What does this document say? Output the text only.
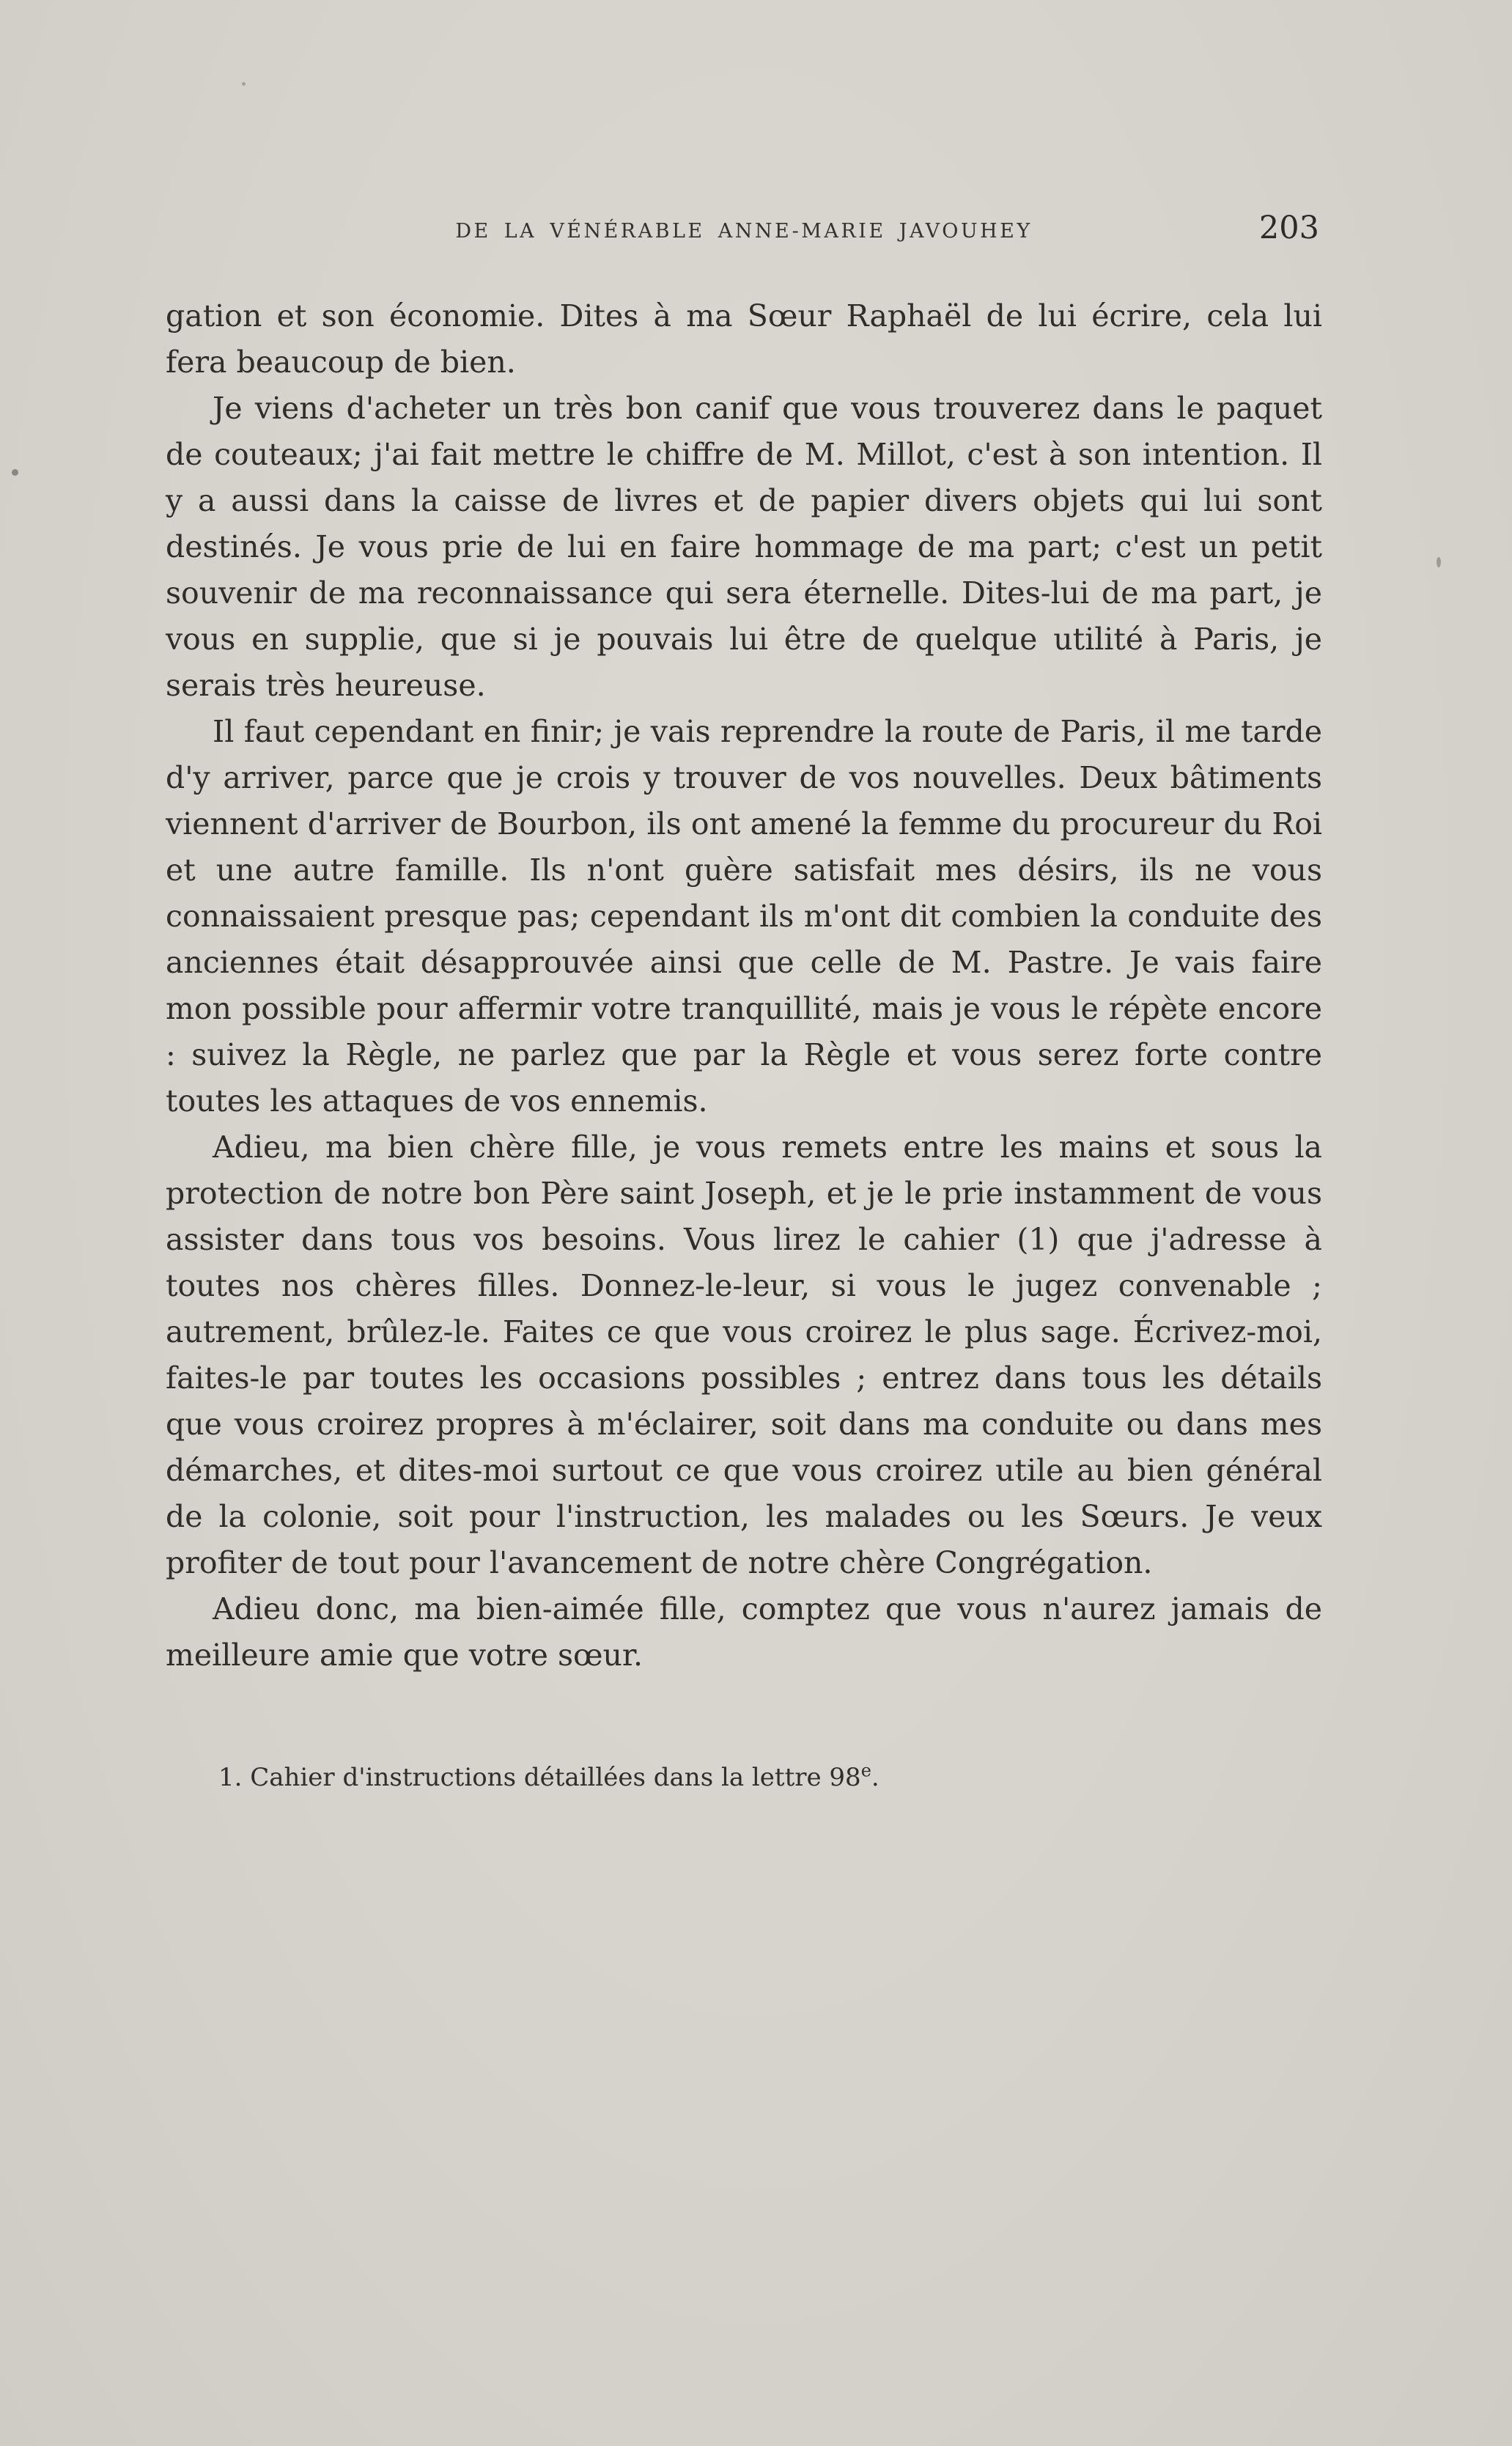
DE LA VÉNÉRABLE ANNE-MARIE JAVOUHEY	203

gation et son économie. Dites à ma Sœur Raphaël de lui écrire, cela lui fera beaucoup de bien.

Je viens d'acheter un très bon canif que vous trouverez dans le paquet de couteaux; j'ai fait mettre le chiffre de M. Millot, c'est à son intention. Il y a aussi dans la caisse de livres et de papier divers objets qui lui sont destinés. Je vous prie de lui en faire hommage de ma part; c'est un petit souvenir de ma reconnaissance qui sera éternelle. Dites-lui de ma part, je vous en supplie, que si je pouvais lui être de quelque utilité à Paris, je serais très heureuse.

Il faut cependant en finir; je vais reprendre la route de Paris, il me tarde d'y arriver, parce que je crois y trouver de vos nouvelles. Deux bâtiments viennent d'arriver de Bourbon, ils ont amené la femme du procureur du Roi et une autre famille. Ils n'ont guère satisfait mes désirs, ils ne vous connaissaient presque pas; cependant ils m'ont dit combien la conduite des anciennes était désapprouvée ainsi que celle de M. Pastre. Je vais faire mon possible pour affermir votre tranquillité, mais je vous le répète encore : suivez la Règle, ne parlez que par la Règle et vous serez forte contre toutes les attaques de vos ennemis.

Adieu, ma bien chère fille, je vous remets entre les mains et sous la protection de notre bon Père saint Joseph, et je le prie instamment de vous assister dans tous vos besoins. Vous lirez le cahier (1) que j'adresse à toutes nos chères filles. Donnez-le-leur, si vous le jugez convenable ; autrement, brûlez-le. Faites ce que vous croirez le plus sage. Écrivez-moi, faites-le par toutes les occasions possibles ; entrez dans tous les détails que vous croirez propres à m'éclairer, soit dans ma conduite ou dans mes démarches, et dites-moi surtout ce que vous croirez utile au bien général de la colonie, soit pour l'instruction, les malades ou les Sœurs. Je veux profiter de tout pour l'avancement de notre chère Congrégation.

Adieu donc, ma bien-aimée fille, comptez que vous n'aurez jamais de meilleure amie que votre sœur.

1. Cahier d'instructions détaillées dans la lettre 98e.
